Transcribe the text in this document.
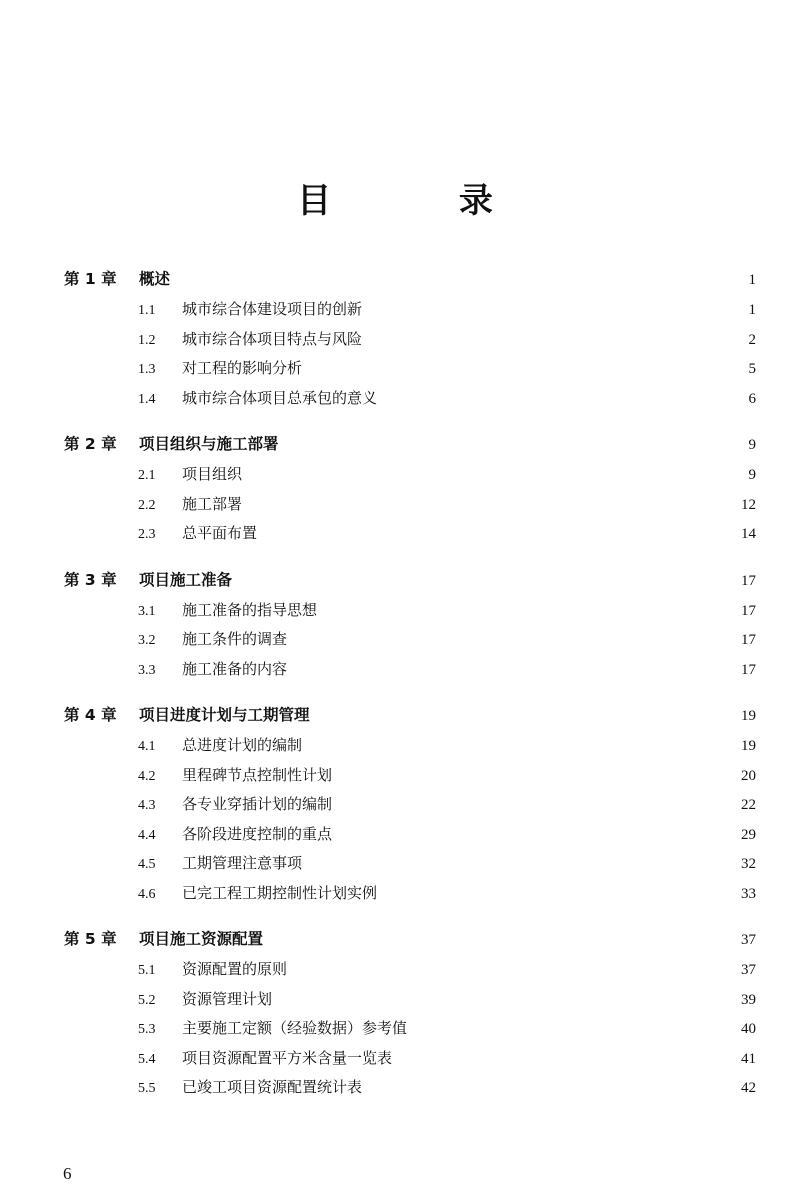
目 录
第 1 章	概述	1
1.1	城市综合体建设项目的创新	1
1.2	城市综合体项目特点与风险	2
1.3	对工程的影响分析	5
1.4	城市综合体项目总承包的意义	6
第 2 章	项目组织与施工部署	9
2.1	项目组织	9
2.2	施工部署	12
2.3	总平面布置	14
第 3 章	项目施工准备	17
3.1	施工准备的指导思想	17
3.2	施工条件的调查	17
3.3	施工准备的内容	17
第 4 章	项目进度计划与工期管理	19
4.1	总进度计划的编制	19
4.2	里程碑节点控制性计划	20
4.3	各专业穿插计划的编制	22
4.4	各阶段进度控制的重点	29
4.5	工期管理注意事项	32
4.6	已完工程工期控制性计划实例	33
第 5 章	项目施工资源配置	37
5.1	资源配置的原则	37
5.2	资源管理计划	39
5.3	主要施工定额（经验数据）参考值	40
5.4	项目资源配置平方米含量一览表	41
5.5	已竣工项目资源配置统计表	42
6
